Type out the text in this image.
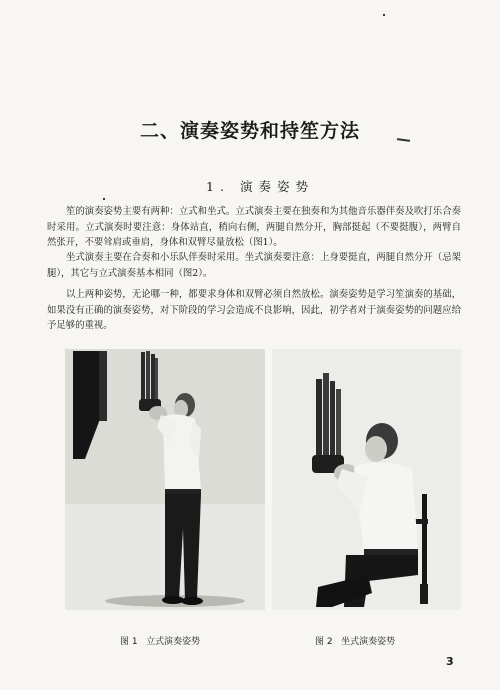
二、演奏姿势和持笙方法
1. 演奏姿势

笙的演奏姿势主要有两种：立式和坐式。立式演奏主要在独奏和为其他音乐器伴奏及吹打乐合奏时采用。立式演奏时要注意：身体站直，稍向右侧，两腿自然分开，胸部挺起（不要挺腹），两臂自然张开，不要耸肩或垂肩，身体和双臂尽量放松（图1）。

坐式演奏主要在合奏和小乐队伴奏时采用。坐式演奏要注意：上身要挺直，两腿自然分开（忌架腿），其它与立式演奏基本相同（图2）。

以上两种姿势，无论哪一种，都要求身体和双臂必须自然放松。演奏姿势是学习笙演奏的基础，如果没有正确的演奏姿势，对下阶段的学习会造成不良影响，因此，初学者对于演奏姿势的问题应给予足够的重视。

图 1   立式演奏姿势	图 2   坐式演奏姿势
3
